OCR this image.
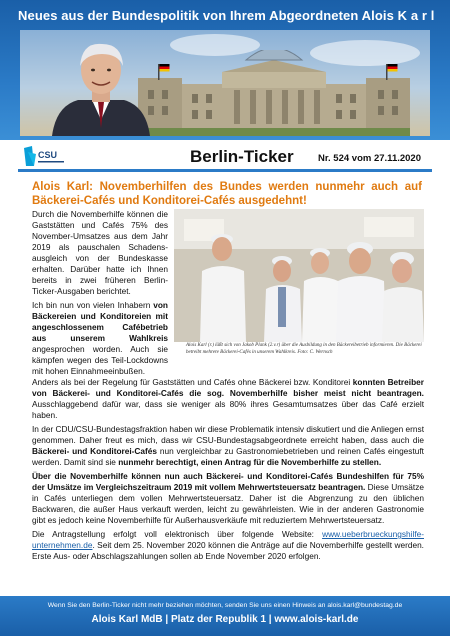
Neues aus der Bundespolitik von Ihrem Abgeordneten Alois K a r l
CSU	Berlin-Ticker	Nr. 524 vom 27.11.2020
Alois Karl: Novemberhilfen des Bundes werden nunmehr auch auf Bäckerei-Cafés und Konditorei-Cafés ausgedehnt!

Durch die Novemberhilfe können die Gaststätten und Cafés 75% des November-Umsatzes aus dem Jahr 2019 als pauschalen Schadens-ausgleich von der Bundeskasse erhalten. Darüber hatte ich Ihnen bereits in zwei früheren Berlin-Ticker-Ausgaben berichtet.

Ich bin nun von vielen Inhabern von Bäckereien und Konditoreien mit angeschlossenem Cafébetrieb aus unserem Wahlkreis angesprochen worden. Auch sie kämpfen wegen des Teil-Lockdowns mit hohen Einnahmeeinbußen.

Alois Karl (r.) läßt sich von Jakob Plank (2.v.r) über die Ausbildung in den Bäckereibetrieb informieren. Die Bäckerei betreibt mehrere Bäckerei-Cafés in unserem Wahlkreis. Foto: C. Wernsch

Anders als bei der Regelung für Gaststätten und Cafés ohne Bäckerei bzw. Konditorei konnten Betreiber von Bäckerei- und Konditorei-Cafés die sog. Novemberhilfe bisher meist nicht beantragen. Ausschlaggebend dafür war, dass sie weniger als 80% ihres Gesamtumsatzes über das Café erzielt haben.

In der CDU/CSU-Bundestagsfraktion haben wir diese Problematik intensiv diskutiert und die Anliegen ernst genommen. Daher freut es mich, dass wir CSU-Bundestagsabgeordnete erreicht haben, dass auch die Bäckerei- und Konditorei-Cafés nun vergleichbar zu Gastronomiebetrieben und reinen Cafés eingestuft werden. Damit sind sie nunmehr berechtigt, einen Antrag für die Novemberhilfe zu stellen.

Über die Novemberhilfe können nun auch Bäckerei- und Konditorei-Cafés Bundeshilfen für 75% der Umsätze im Vergleichszeitraum 2019 mit vollem Mehrwertsteuersatz beantragen. Diese Umsätze in Cafés unterliegen dem vollen Mehrwertsteuersatz. Daher ist die Abgrenzung zu den üblichen Backwaren, die außer Haus verkauft werden, leicht zu gewährleisten. Wie in der anderen Gastronomie gibt es jedoch keine Novemberhilfe für Außerhausverkäufe mit reduziertem Mehrwertsteuersatz.

Die Antragstellung erfolgt voll elektronisch über folgende Website: www.ueberbrueckungshilfe-unternehmen.de. Seit dem 25. November 2020 können die Anträge auf die Novemberhilfe gestellt werden. Erste Aus- oder Abschlagszahlungen sollen ab Ende November 2020 erfolgen.

Wenn Sie den Berlin-Ticker nicht mehr beziehen möchten, senden Sie uns einen Hinweis an alois.karl@bundestag.de
Alois Karl MdB | Platz der Republik 1 | www.alois-karl.de
